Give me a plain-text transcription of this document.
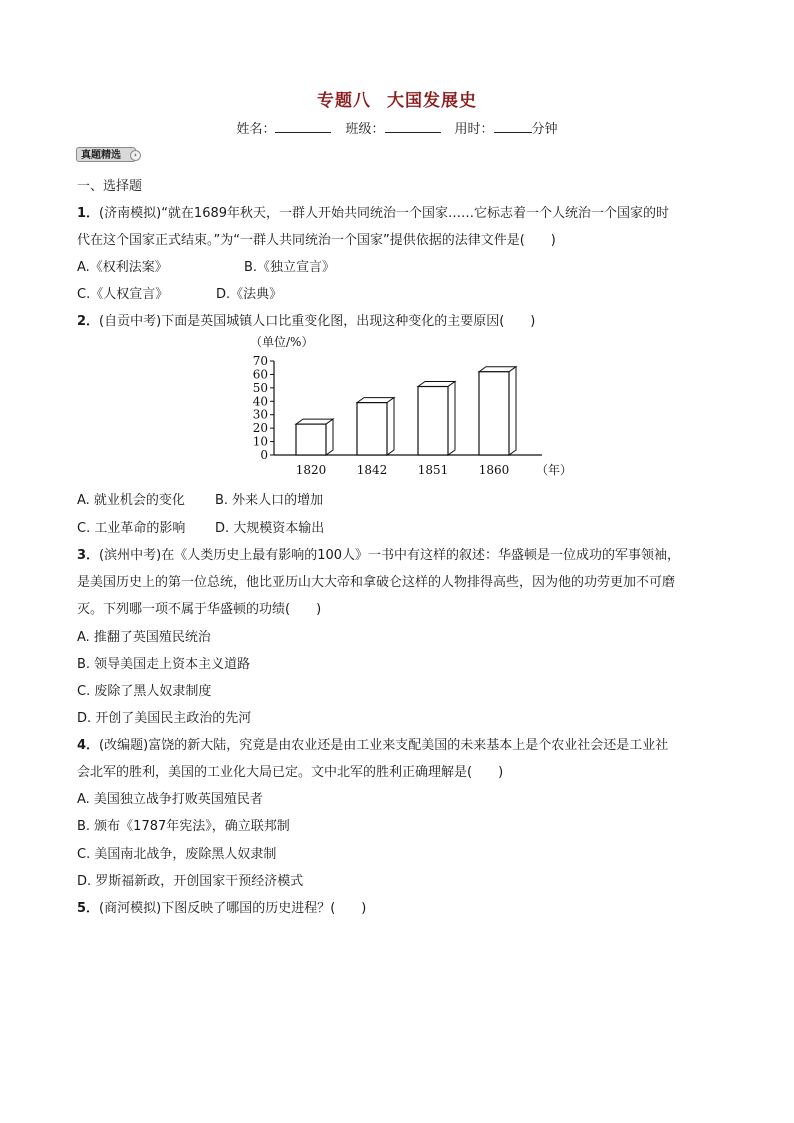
专题八 大国发展史
姓名：	班级：	用时：	分钟
真题精选	›
一、选择题
1．(济南模拟)“就在1689年秋天，一群人开始共同统治一个国家……它标志着一个人统治一个国家的时
代在这个国家正式结束。”为“一群人共同统治一个国家”提供依据的法律文件是(　　)
A.《权利法案》	B.《独立宣言》
C.《人权宣言》	D.《法典》
2．(自贡中考)下面是英国城镇人口比重变化图，出现这种变化的主要原因(　　)
（单位/%）
0
10
20
30
40
50
60
70
1820	1842	1851	1860 （年）
A. 就业机会的变化 B. 外来人口的增加
C. 工业革命的影响 D. 大规模资本输出
3．(滨州中考)在《人类历史上最有影响的100人》一书中有这样的叙述：华盛顿是一位成功的军事领袖，
是美国历史上的第一位总统，他比亚历山大大帝和拿破仑这样的人物排得高些，因为他的功劳更加不可磨
灭。下列哪一项不属于华盛顿的功绩(　　)
A. 推翻了英国殖民统治
B. 领导美国走上资本主义道路
C. 废除了黑人奴隶制度
D. 开创了美国民主政治的先河
4．(改编题)富饶的新大陆，究竟是由农业还是由工业来支配美国的未来基本上是个农业社会还是工业社
会北军的胜利，美国的工业化大局已定。文中北军的胜利正确理解是(　　)
A. 美国独立战争打败英国殖民者
B. 颁布《1787年宪法》，确立联邦制
C. 美国南北战争，废除黑人奴隶制
D. 罗斯福新政，开创国家干预经济模式
5．(商河模拟)下图反映了哪国的历史进程？(　　)
